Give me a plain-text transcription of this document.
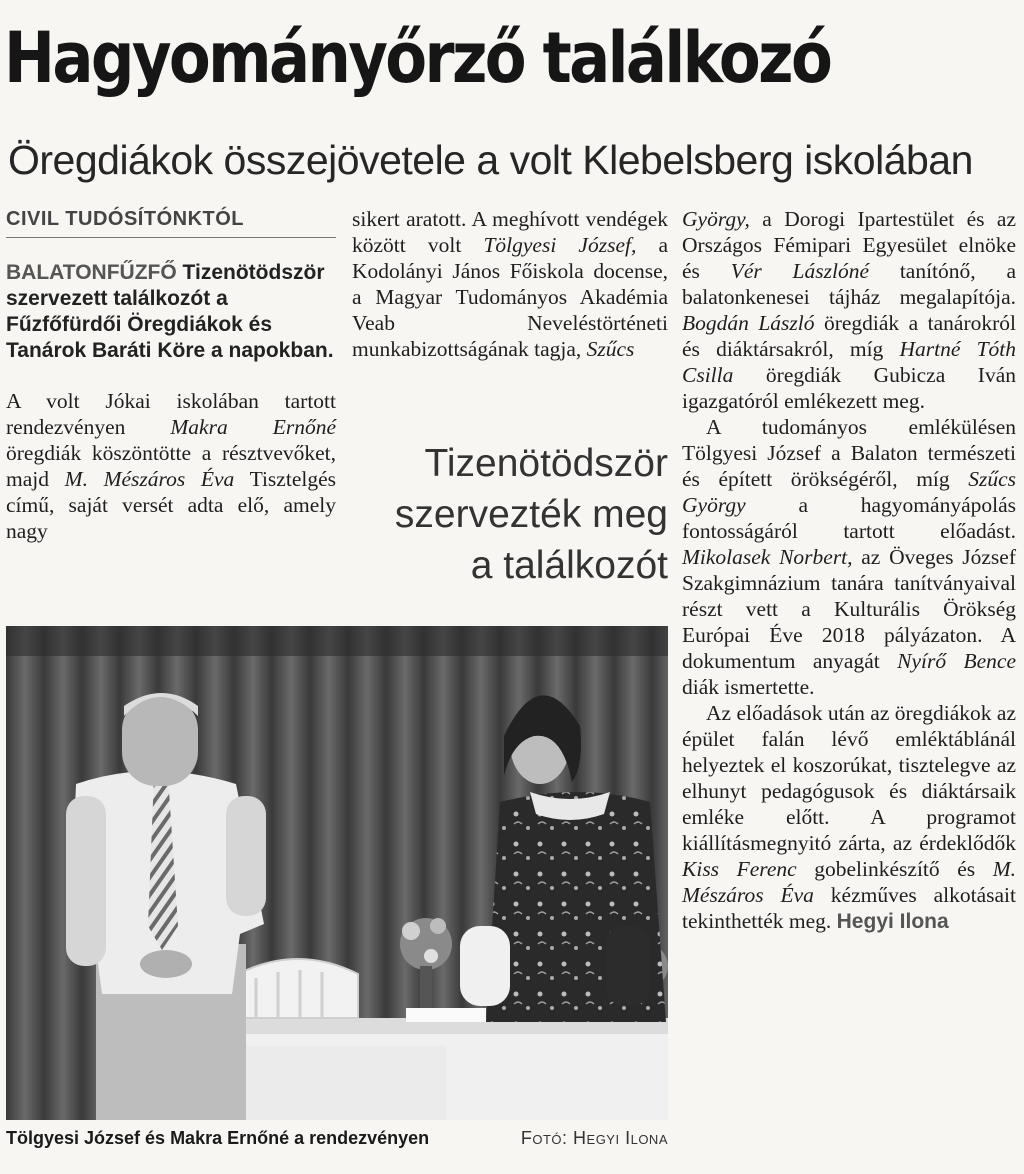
Hagyományőrző találkozó
Öregdiákok összejövetele a volt Klebelsberg iskolában
CIVIL TUDÓSÍTÓNKTÓL

BALATONFŰZFŐ Tizenötödször szervezett találkozót a Fűzfőfürdői Öregdiákok és Tanárok Baráti Köre a napokban.

A volt Jókai iskolában tartott rendezvényen Makra Ernőné öregdiák köszöntötte a résztvevőket, majd M. Mészáros Éva Tisztelgés című, saját versét adta elő, amely nagy

sikert aratott. A meghívott vendégek között volt Tölgyesi József, a Kodolányi János Főiskola docense, a Magyar Tudományos Akadémia Veab Neveléstörténeti munkabizottságának tagja, Szűcs

Tizenötödször
szervezték meg
a találkozót

György, a Dorogi Ipartestület és az Országos Fémipari Egyesület elnöke és Vér Lászlóné tanítónő, a balatonkenesei tájház megalapítója. Bogdán László öregdiák a tanárokról és diáktársakról, míg Hartné Tóth Csilla öregdiák Gubicza Iván igazgatóról emlékezett meg.

A tudományos emlékülésen Tölgyesi József a Balaton természeti és épített örökségéről, míg Szűcs György a hagyományápolás fontosságáról tartott előadást. Mikolasek Norbert, az Öveges József Szakgimnázium tanára tanítványaival részt vett a Kulturális Örökség Európai Éve 2018 pályázaton. A dokumentum anyagát Nyírő Bence diák ismertette.

Az előadások után az öregdiákok az épület falán lévő emléktáblánál helyeztek el koszorúkat, tisztelegve az elhunyt pedagógusok és diáktársaik emléke előtt. A programot kiállításmegnyitó zárta, az érdeklődők Kiss Ferenc gobelinkészítő és M. Mészáros Éva kézműves alkotásait tekinthették meg. Hegyi Ilona

Tölgyesi József és Makra Ernőné a rendezvényen	Fotó: Hegyi Ilona
